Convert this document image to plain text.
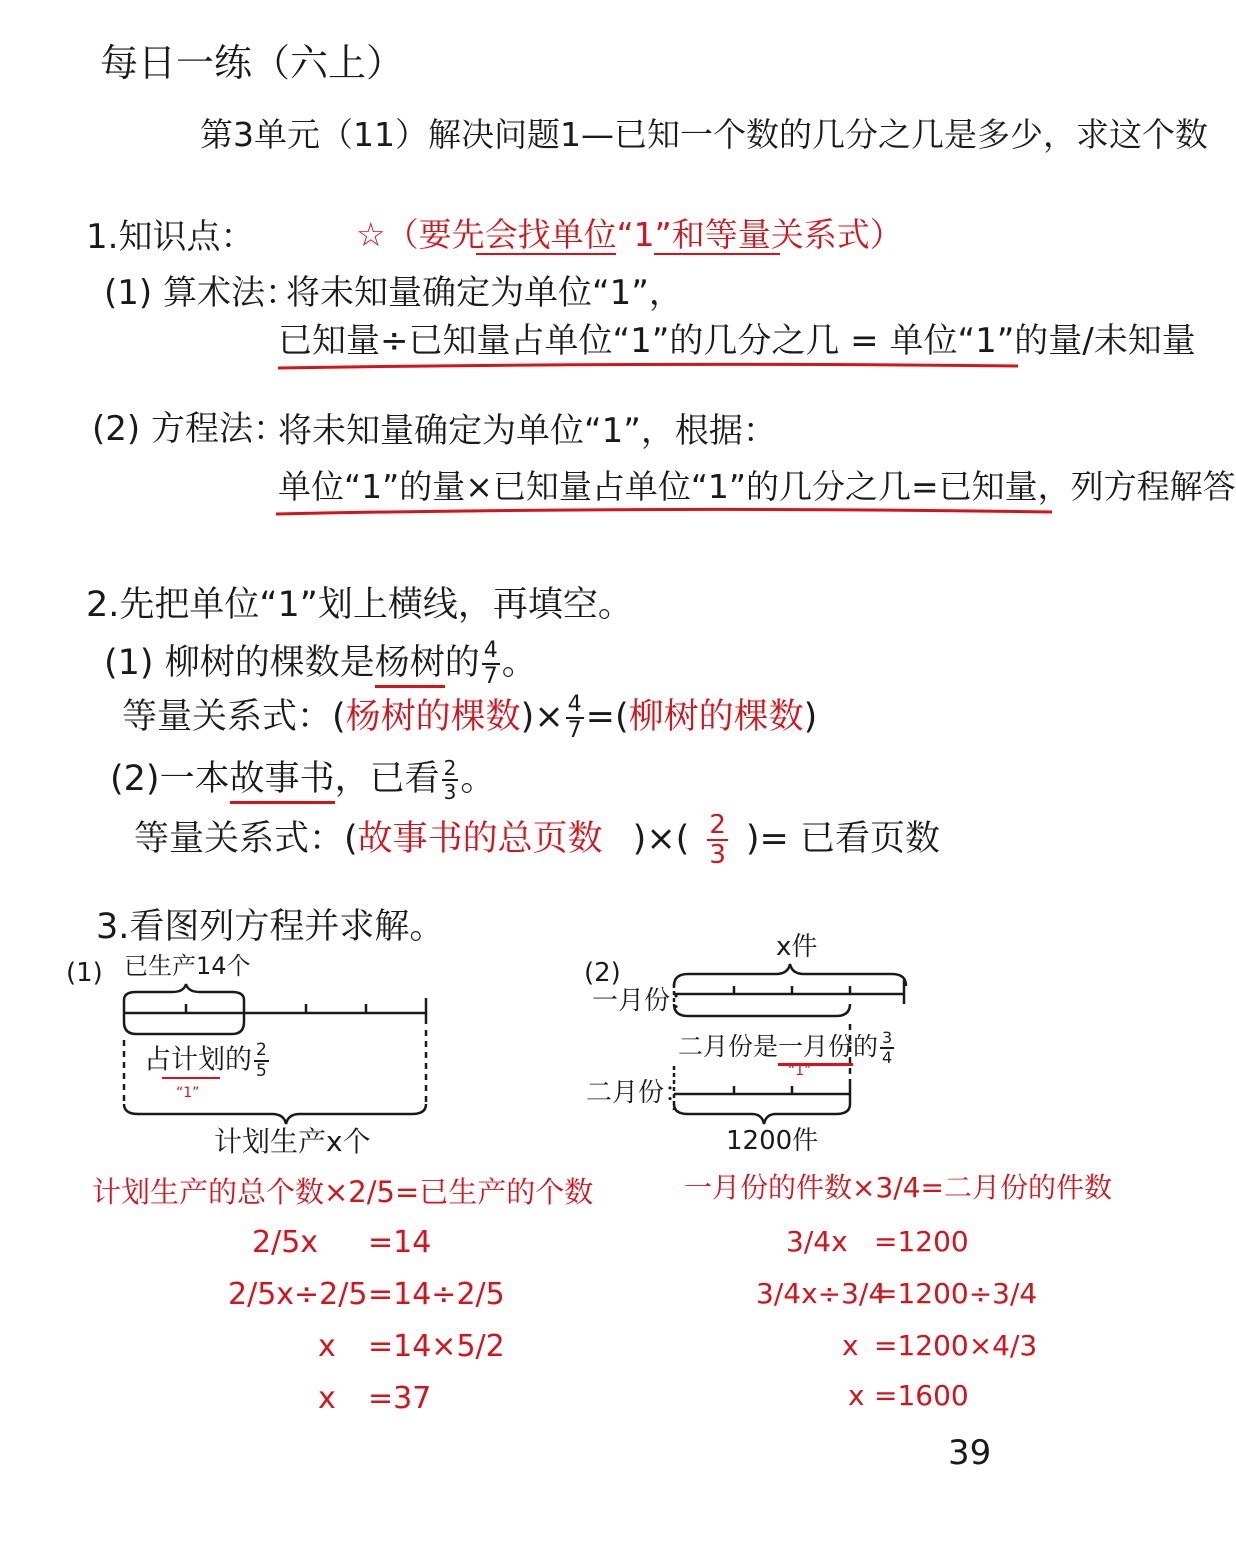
每日一练（六上）
第3单元（11）解决问题1—已知一个数的几分之几是多少，求这个数
1.知识点：	☆（要先会找单位“1”和等量关系式）
(1) 算术法：
将未知量确定为单位“1”，
已知量÷已知量占单位“1”的几分之几 = 单位“1”的量/未知量
(2) 方程法：
将未知量确定为单位“1”，根据：
单位“1”的量×已知量占单位“1”的几分之几=已知量，列方程解答
2.先把单位“1”划上横线，再填空。
(1) 柳树的棵数是杨树的 $\frac{4}{7}$ 。
等量关系式：(杨树的棵数)× $\frac{4}{7}$ =(柳树的棵数)
(2)一本故事书，已看 $\frac{2}{3}$ 。
等量关系式：(故事书的总页数 )×( $\frac{2}{3}$ )= 已看页数
3.看图列方程并求解。
(1) 已生产14个
占计划的 $\frac{2}{5}$
“1”
计划生产x个
计划生产的总个数×2/5=已生产的个数
2/5x =14
2/5x÷2/5 =14÷2/5
x =14×5/2
x =37
(2)
x件
一月份：
二月份是一月份的 $\frac{3}{4}$
“1”
二月份：
1200件
一月份的件数×3/4=二月份的件数
3/4x =1200
3/4x÷3/4
=1200÷3/4
x =1200×4/3
x =1600
39
